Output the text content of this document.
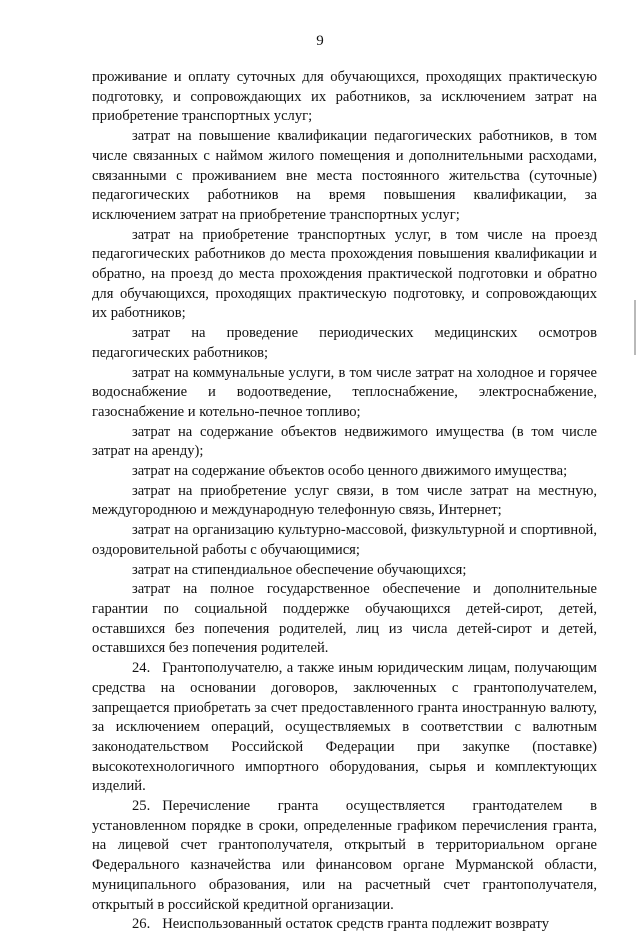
9

проживание и оплату суточных для обучающихся, проходящих практическую подготовку, и сопровождающих их работников, за исключением затрат на приобретение транспортных услуг;

затрат на повышение квалификации педагогических работников, в том числе связанных с наймом жилого помещения и дополнительными расходами, связанными с проживанием вне места постоянного жительства (суточные) педагогических работников на время повышения квалификации, за исключением затрат на приобретение транспортных услуг;

затрат на приобретение транспортных услуг, в том числе на проезд педагогических работников до места прохождения повышения квалификации и обратно, на проезд до места прохождения практической подготовки и обратно для обучающихся, проходящих практическую подготовку, и сопровождающих их работников;

затрат на проведение периодических медицинских осмотров педагогических работников;

затрат на коммунальные услуги, в том числе затрат на холодное и горячее водоснабжение и водоотведение, теплоснабжение, электроснабжение, газоснабжение и котельно-печное топливо;

затрат на содержание объектов недвижимого имущества (в том числе затрат на аренду);

затрат на содержание объектов особо ценного движимого имущества;

затрат на приобретение услуг связи, в том числе затрат на местную, междугороднюю и международную телефонную связь, Интернет;

затрат на организацию культурно-массовой, физкультурной и спортивной, оздоровительной работы с обучающимися;

затрат на стипендиальное обеспечение обучающихся;

затрат на полное государственное обеспечение и дополнительные гарантии по социальной поддержке обучающихся детей-сирот, детей, оставшихся без попечения родителей, лиц из числа детей-сирот и детей, оставшихся без попечения родителей.

24. Грантополучателю, а также иным юридическим лицам, получающим средства на основании договоров, заключенных с грантополучателем, запрещается приобретать за счет предоставленного гранта иностранную валюту, за исключением операций, осуществляемых в соответствии с валютным законодательством Российской Федерации при закупке (поставке) высокотехнологичного импортного оборудования, сырья и комплектующих изделий.

25. Перечисление гранта осуществляется грантодателем в установленном порядке в сроки, определенные графиком перечисления гранта, на лицевой счет грантополучателя, открытый в территориальном органе Федерального казначейства или финансовом органе Мурманской области, муниципального образования, или на расчетный счет грантополучателя, открытый в российской кредитной организации.

26. Неиспользованный остаток средств гранта подлежит возврату
